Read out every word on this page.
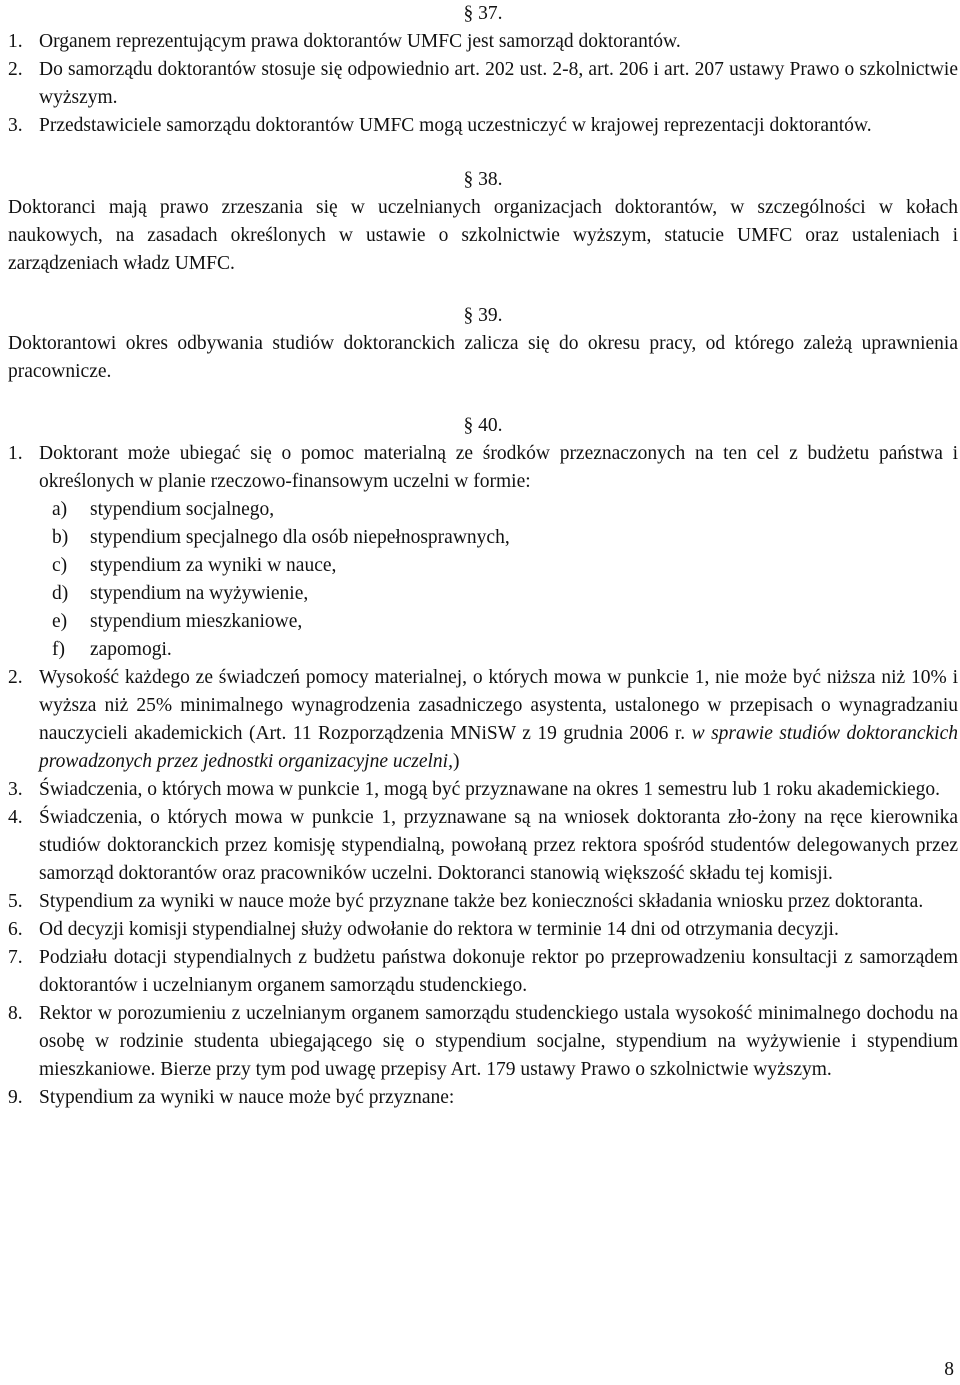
§ 37.
1. Organem reprezentującym prawa doktorantów UMFC jest samorząd doktorantów.
2. Do samorządu doktorantów stosuje się odpowiednio art. 202 ust. 2-8, art. 206 i art. 207 ustawy Prawo o szkolnictwie wyższym.
3. Przedstawiciele samorządu doktorantów UMFC mogą uczestniczyć w krajowej reprezentacji doktorantów.
§ 38.

Doktoranci mają prawo zrzeszania się w uczelnianych organizacjach doktorantów, w szczególności w kołach naukowych, na zasadach określonych w ustawie o szkolnictwie wyższym, statucie UMFC oraz ustaleniach i zarządzeniach władz UMFC.

§ 39.

Doktorantowi okres odbywania studiów doktoranckich zalicza się do okresu pracy, od którego zależą uprawnienia pracownicze.

§ 40.
1. Doktorant może ubiegać się o pomoc materialną ze środków przeznaczonych na ten cel z budżetu państwa i określonych w planie rzeczowo-finansowym uczelni w formie:
a) stypendium socjalnego,
b) stypendium specjalnego dla osób niepełnosprawnych,
c) stypendium za wyniki w nauce,
d) stypendium na wyżywienie,
e) stypendium mieszkaniowe,
f) zapomogi.
2. Wysokość każdego ze świadczeń pomocy materialnej, o których mowa w punkcie 1, nie może być niższa niż 10% i wyższa niż 25% minimalnego wynagrodzenia zasadniczego asystenta, ustalonego w przepisach o wynagradzaniu nauczycieli akademickich (Art. 11 Rozporządzenia MNiSW z 19 grudnia 2006 r. w sprawie studiów doktoranckich prowadzonych przez jednostki organizacyjne uczelni,)
3. Świadczenia, o których mowa w punkcie 1, mogą być przyznawane na okres 1 semestru lub 1 roku akademickiego.
4. Świadczenia, o których mowa w punkcie 1, przyznawane są na wniosek doktoranta zło-żony na ręce kierownika studiów doktoranckich przez komisję stypendialną, powołaną przez rektora spośród studentów delegowanych przez samorząd doktorantów oraz pracowników uczelni. Doktoranci stanowią większość składu tej komisji.
5. Stypendium za wyniki w nauce może być przyznane także bez konieczności składania wniosku przez doktoranta.
6. Od decyzji komisji stypendialnej służy odwołanie do rektora w terminie 14 dni od otrzymania decyzji.
7. Podziału dotacji stypendialnych z budżetu państwa dokonuje rektor po przeprowadzeniu konsultacji z samorządem doktorantów i uczelnianym organem samorządu studenckiego.
8. Rektor w porozumieniu z uczelnianym organem samorządu studenckiego ustala wysokość minimalnego dochodu na osobę w rodzinie studenta ubiegającego się o stypendium socjalne, stypendium na wyżywienie i stypendium mieszkaniowe. Bierze przy tym pod uwagę przepisy Art. 179 ustawy Prawo o szkolnictwie wyższym.
9. Stypendium za wyniki w nauce może być przyznane:
8
